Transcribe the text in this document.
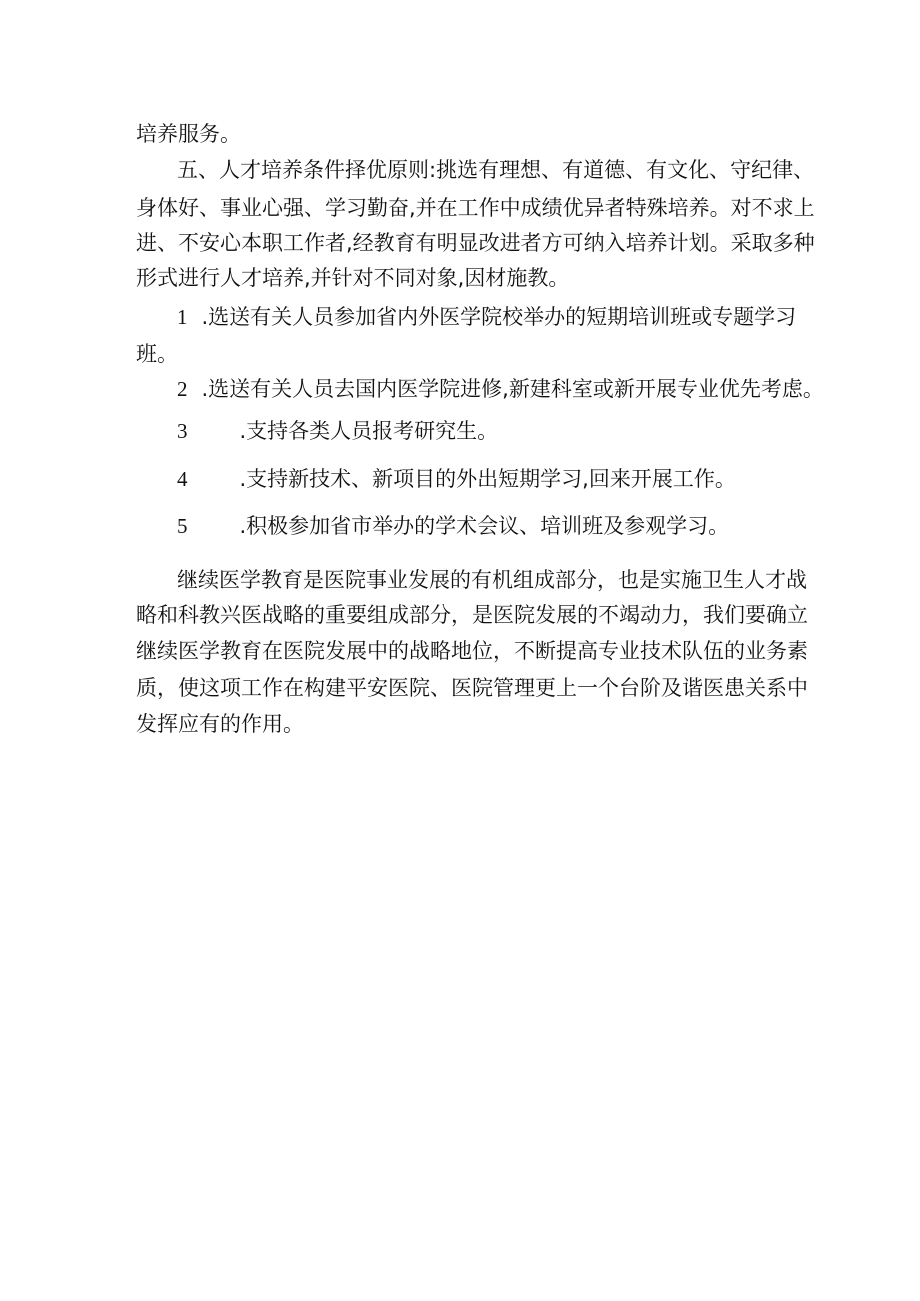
培养服务。
五、人才培养条件择优原则:挑选有理想、有道德、有文化、守纪律、
身体好、事业心强、学习勤奋,并在工作中成绩优异者特殊培养。对不求上
进、不安心本职工作者,经教育有明显改进者方可纳入培养计划。采取多种
形式进行人才培养,并针对不同对象,因材施教。
1 .选送有关人员参加省内外医学院校举办的短期培训班或专题学习
班。
2 .选送有关人员去国内医学院进修,新建科室或新开展专业优先考虑。
3 .支持各类人员报考研究生。
4 .支持新技术、新项目的外出短期学习,回来开展工作。
5 .积极参加省市举办的学术会议、培训班及参观学习。
继续医学教育是医院事业发展的有机组成部分，也是实施卫生人才战
略和科教兴医战略的重要组成部分，是医院发展的不竭动力，我们要确立
继续医学教育在医院发展中的战略地位，不断提高专业技术队伍的业务素
质，使这项工作在构建平安医院、医院管理更上一个台阶及谐医患关系中
发挥应有的作用。
